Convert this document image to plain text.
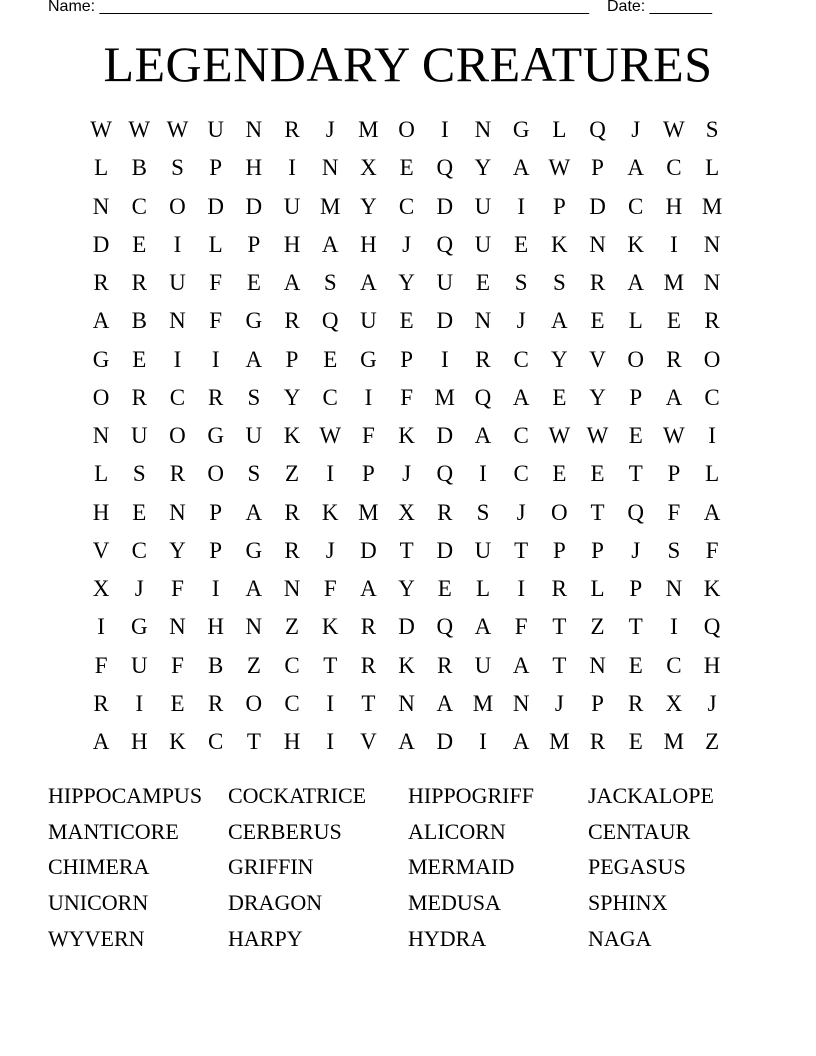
Name: _______________________________________________________ Date: _______
LEGENDARY CREATURES
W W W U N R	J	M O	I	N G L Q	J W S
L	B	S	P	H	I	N X E Q Y A W P	A C	L
N C O D D U M Y C D U	I	P	D C H M
D E	I	L	P	H A H	J	Q U E K N K	I	N
R R U	F	E A	S	A Y U E	S	S	R A M N
A B N	F	G R Q U E D N	J	A E	L	E	R
G E	I	I	A	P	E G	P	I	R C Y V O R O
O R C R	S	Y C	I	F M Q A E Y	P	A C
N U O G U K W F	K D A C W W E W	I
L	S	R O	S	Z	I	P	J	Q	I	C	E	E	T	P	L
H E N	P	A R K M X R	S	J	O T Q	F	A
V C Y	P	G R	J	D T D U T	P	P	J	S	F
X	J	F	I	A N	F	A Y E	L	I	R	L	P	N K
I	G N H N Z K R D Q A	F	T	Z	T	I	Q
F	U	F	B	Z	C	T	R K R U A T N E	C H
R	I	E	R O C	I	T N A M N	J	P	R X	J
A H K C	T H	I	V A D	I	A M R	E M Z
HIPPOCAMPUS	COCKATRICE	HIPPOGRIFF	JACKALOPE
MANTICORE	CERBERUS	ALICORN	CENTAUR
CHIMERA	GRIFFIN	MERMAID	PEGASUS
UNICORN	DRAGON	MEDUSA	SPHINX
WYVERN	HARPY	HYDRA	NAGA
